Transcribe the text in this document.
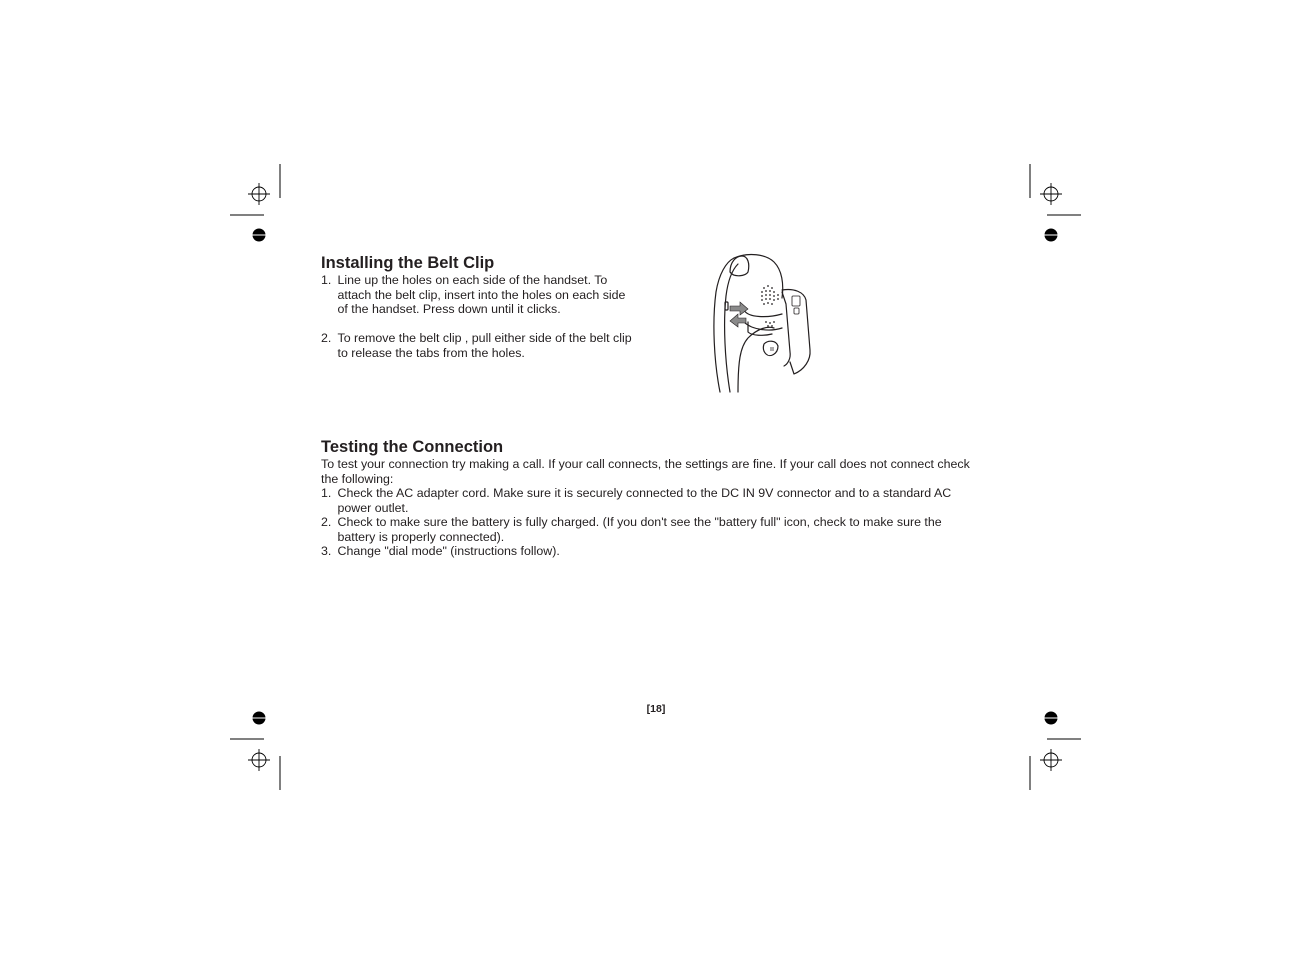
Installing the Belt Clip
1. Line up the holes on each side of the handset. To attach the belt clip, insert into the holes on each side of the handset. Press down until it clicks.
2. To remove the belt clip , pull either side of the belt clip to release the tabs from the holes.
Testing the Connection

To test your connection try making a call. If your call connects, the settings are fine. If your call does not connect check the following:

1. Check the AC adapter cord. Make sure it is securely connected to the DC IN 9V connector and to a standard AC power outlet.
2. Check to make sure the battery is fully charged. (If you don't see the "battery full" icon, check to make sure the battery is properly connected).
3. Change "dial mode" (instructions follow).
[18]
